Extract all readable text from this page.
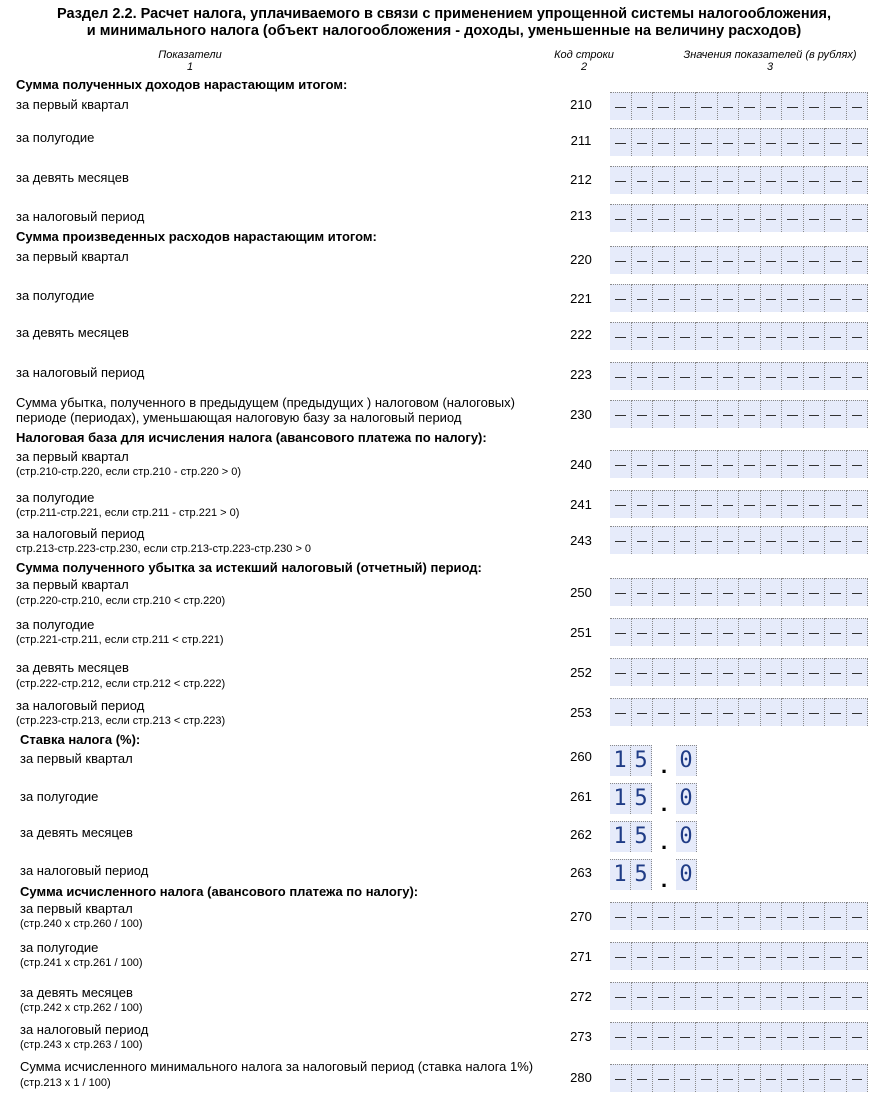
Раздел 2.2. Расчет налога, уплачиваемого в связи с применением упрощенной системы налогообложения,
и минимального налога (объект налогообложения - доходы, уменьшенные на величину расходов)
Показатели
1
Код строки
2
Значения показателей (в рублях)
3
Сумма полученных доходов нарастающим итогом:
за первый квартал	210
за полугодие	211
за девять месяцев	212
за налоговый период	213
Сумма произведенных расходов нарастающим итогом:
за первый квартал	220
за полугодие	221
за девять месяцев	222
за налоговый период	223
Сумма убытка, полученного в предыдущем (предыдущих ) налоговом (налоговых)
периоде (периодах), уменьшающая налоговую базу за налоговый период	230
Налоговая база для исчисления налога (авансового платежа по налогу):
за первый квартал
(стр.210-стр.220, если стр.210 - стр.220 > 0)	240
за полугодие
(стр.211-стр.221, если стр.211 - стр.221 > 0)
241
за налоговый период
стр.213-стр.223-стр.230, если стр.213-стр.223-стр.230 > 0
243
Сумма полученного убытка за истекший налоговый (отчетный) период:
за первый квартал
(стр.220-стр.210, если стр.210 < стр.220)
250
за полугодие
(стр.221-стр.211, если стр.211 < стр.221)	251
за девять месяцев
(стр.222-стр.212, если стр.212 < стр.222)
252
за налоговый период
(стр.223-стр.213, если стр.213 < стр.223)
253
Ставка налога (%):
за первый квартал	260 1 5 . 0
за полугодие	261 1 5 . 0
за девять месяцев	262 1 5 . 0
за налоговый период	263 1 5 . 0
Сумма исчисленного налога (авансового платежа по налогу):
за первый квартал
(стр.240 х стр.260 / 100)	270
за полугодие
(стр.241 х стр.261 / 100)	271
за девять месяцев
(стр.242 х стр.262 / 100)
272
за налоговый период
(стр.243 х стр.263 / 100)
273
Сумма исчисленного минимального налога за налоговый период (ставка налога 1%)
(стр.213 х 1 / 100)	280
